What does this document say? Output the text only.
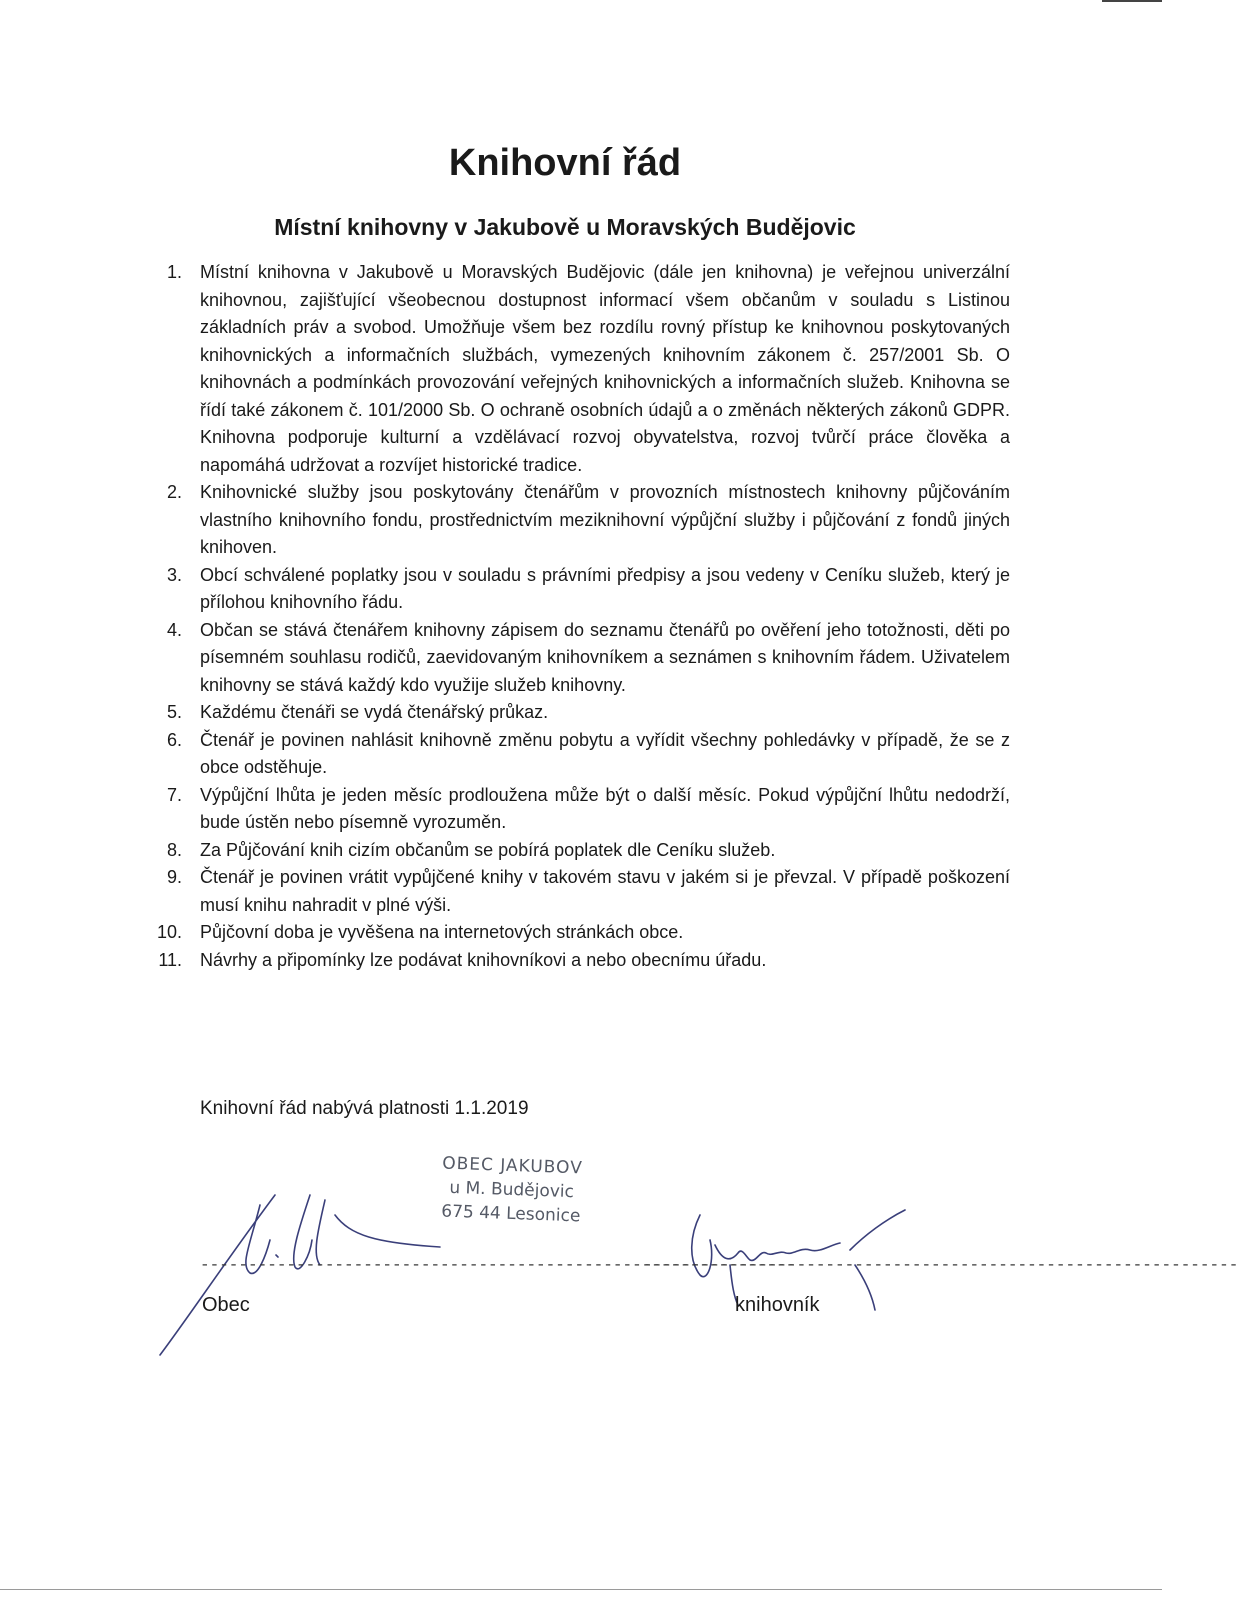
Knihovní řád
Místní knihovny v Jakubově u Moravských Budějovic
1. Místní knihovna v Jakubově u Moravských Budějovic (dále jen knihovna) je veřejnou univerzální knihovnou, zajišťující všeobecnou dostupnost informací všem občanům v souladu s Listinou základních práv a svobod. Umožňuje všem bez rozdílu rovný přístup ke knihovnou poskytovaných knihovnických a informačních službách, vymezených knihovním zákonem č. 257/2001 Sb. O knihovnách a podmínkách provozování veřejných knihovnických a informačních služeb. Knihovna se řídí také zákonem č. 101/2000 Sb. O ochraně osobních údajů a o změnách některých zákonů GDPR. Knihovna podporuje kulturní a vzdělávací rozvoj obyvatelstva, rozvoj tvůrčí práce člověka a napomáhá udržovat a rozvíjet historické tradice.
2. Knihovnické služby jsou poskytovány čtenářům v provozních místnostech knihovny půjčováním vlastního knihovního fondu, prostřednictvím meziknihovní výpůjční služby i půjčování z fondů jiných knihoven.
3. Obcí schválené poplatky jsou v souladu s právními předpisy a jsou vedeny v Ceníku služeb, který je přílohou knihovního řádu.
4. Občan se stává čtenářem knihovny zápisem do seznamu čtenářů po ověření jeho totožnosti, děti po písemném souhlasu rodičů, zaevidovaným knihovníkem a seznámen s knihovním řádem. Uživatelem knihovny se stává každý kdo využije služeb knihovny.
5. Každému čtenáři se vydá čtenářský průkaz.
6. Čtenář je povinen nahlásit knihovně změnu pobytu a vyřídit všechny pohledávky v případě, že se z obce odstěhuje.
7. Výpůjční lhůta je jeden měsíc prodloužena může být o další měsíc. Pokud výpůjční lhůtu nedodrží, bude ústěn nebo písemně vyrozuměn.
8. Za Půjčování knih cizím občanům se pobírá poplatek dle Ceníku služeb.
9. Čtenář je povinen vrátit vypůjčené knihy v takovém stavu v jakém si je převzal. V případě poškození musí knihu nahradit v plné výši.
10. Půjčovní doba je vyvěšena na internetových stránkách obce.
11. Návrhy a připomínky lze podávat knihovníkovi a nebo obecnímu úřadu.

Knihovní řád nabývá platnosti 1.1.2019

OBEC JAKUBOV
u M. Budějovic
675 44 Lesonice
--------------------------------------------------------------
--------------------------------------------------------------
Obec	knihovník
